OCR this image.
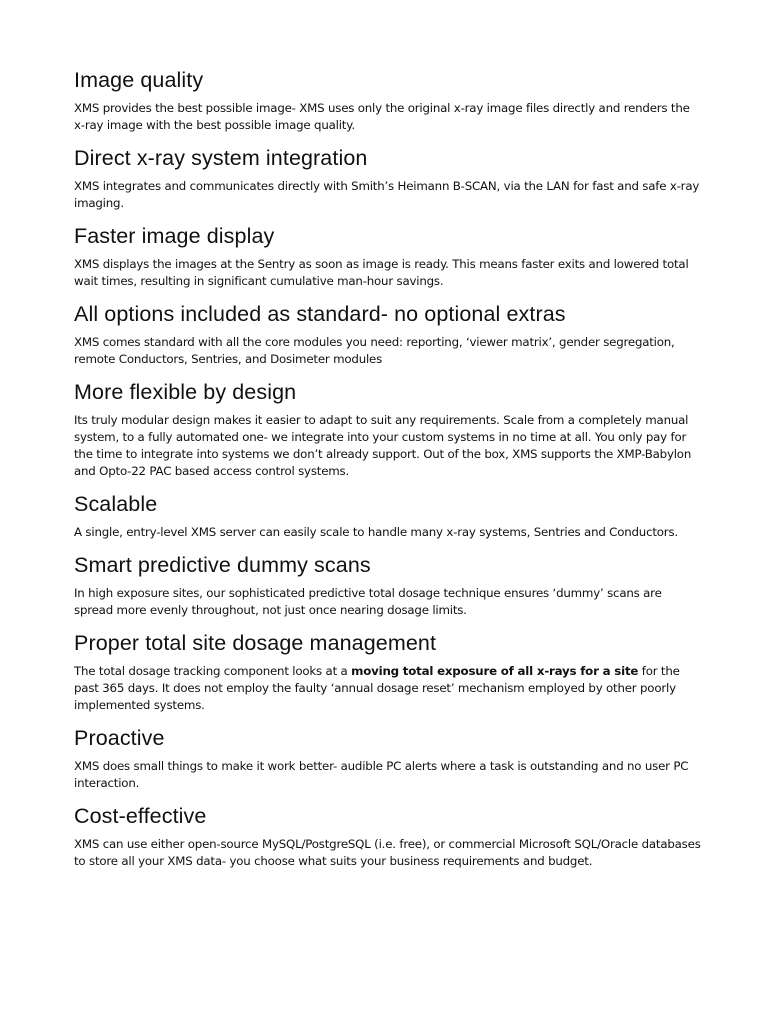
Image quality

XMS provides the best possible image- XMS uses only the original x-ray image files directly and renders the x-ray image with the best possible image quality.

Direct x-ray system integration

XMS integrates and communicates directly with Smith’s Heimann B-SCAN, via the LAN for fast and safe x-ray imaging.

Faster image display

XMS displays the images at the Sentry as soon as image is ready. This means faster exits and lowered total wait times, resulting in significant cumulative man-hour savings.

All options included as standard- no optional extras

XMS comes standard with all the core modules you need: reporting, ‘viewer matrix’, gender segregation, remote Conductors, Sentries, and Dosimeter modules

More flexible by design

Its truly modular design makes it easier to adapt to suit any requirements. Scale from a completely manual system, to a fully automated one- we integrate into your custom systems in no time at all. You only pay for the time to integrate into systems we don’t already support. Out of the box, XMS supports the XMP-Babylon and Opto-22 PAC based access control systems.

Scalable

A single, entry-level XMS server can easily scale to handle many x-ray systems, Sentries and Conductors.

Smart predictive dummy scans

In high exposure sites, our sophisticated predictive total dosage technique ensures ‘dummy’ scans are spread more evenly throughout, not just once nearing dosage limits.

Proper total site dosage management

The total dosage tracking component looks at a moving total exposure of all x-rays for a site for the past 365 days. It does not employ the faulty ‘annual dosage reset’ mechanism employed by other poorly implemented systems.

Proactive

XMS does small things to make it work better- audible PC alerts where a task is outstanding and no user PC interaction.

Cost-effective

XMS can use either open-source MySQL/PostgreSQL (i.e. free), or commercial Microsoft SQL/Oracle databases to store all your XMS data- you choose what suits your business requirements and budget.
